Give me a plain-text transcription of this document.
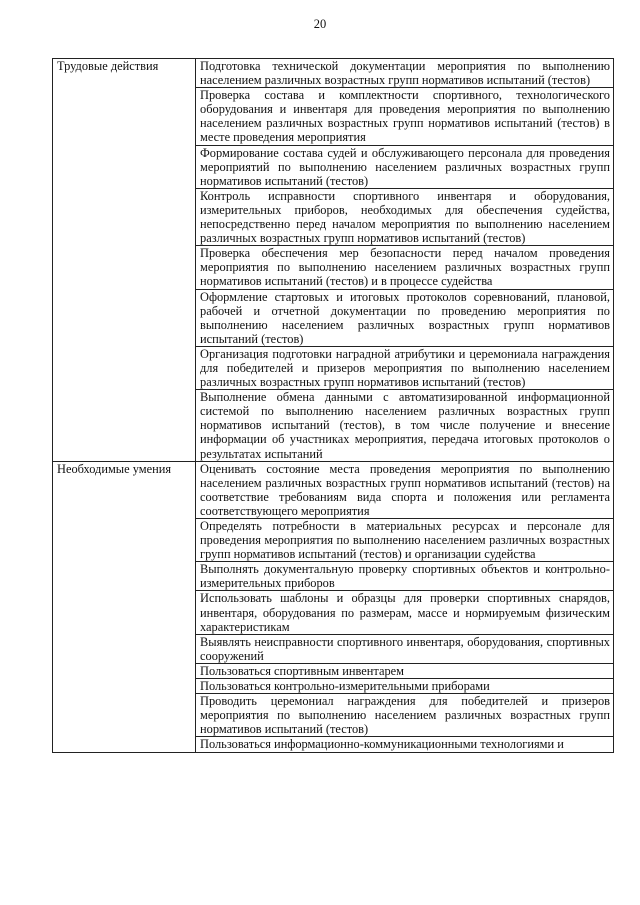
20
Трудовые действия	Подготовка технической документации мероприятия по выполнению населением различных возрастных групп нормативов испытаний (тестов)
	Проверка состава и комплектности спортивного, технологического оборудования и инвентаря для проведения мероприятия по выполнению населением различных возрастных групп нормативов испытаний (тестов) в месте проведения мероприятия
	Формирование состава судей и обслуживающего персонала для проведения мероприятий по выполнению населением различных возрастных групп нормативов испытаний (тестов)
	Контроль исправности спортивного инвентаря и оборудования, измерительных приборов, необходимых для обеспечения судейства, непосредственно перед началом мероприятия по выполнению населением различных возрастных групп нормативов испытаний (тестов)
	Проверка обеспечения мер безопасности перед началом проведения мероприятия по выполнению населением различных возрастных групп нормативов испытаний (тестов) и в процессе судейства
	Оформление стартовых и итоговых протоколов соревнований, плановой, рабочей и отчетной документации по проведению мероприятия по выполнению населением различных возрастных групп нормативов испытаний (тестов)
	Организация подготовки наградной атрибутики и церемониала награждения для победителей и призеров мероприятия по выполнению населением различных возрастных групп нормативов испытаний (тестов)
	Выполнение обмена данными с автоматизированной информационной системой по выполнению населением различных возрастных групп нормативов испытаний (тестов), в том числе получение и внесение информации об участниках мероприятия, передача итоговых протоколов о результатах испытаний
Необходимые умения	Оценивать состояние места проведения мероприятия по выполнению населением различных возрастных групп нормативов испытаний (тестов) на соответствие требованиям вида спорта и положения или регламента соответствующего мероприятия
	Определять потребности в материальных ресурсах и персонале для проведения мероприятия по выполнению населением различных возрастных групп нормативов испытаний (тестов) и организации судейства
	Выполнять документальную проверку спортивных объектов и контрольно-измерительных приборов
	Использовать шаблоны и образцы для проверки спортивных снарядов, инвентаря, оборудования по размерам, массе и нормируемым физическим характеристикам
	Выявлять неисправности спортивного инвентаря, оборудования, спортивных сооружений
	Пользоваться спортивным инвентарем
	Пользоваться контрольно-измерительными приборами
	Проводить церемониал награждения для победителей и призеров мероприятия по выполнению населением различных возрастных групп нормативов испытаний (тестов)
	Пользоваться информационно-коммуникационными технологиями и
